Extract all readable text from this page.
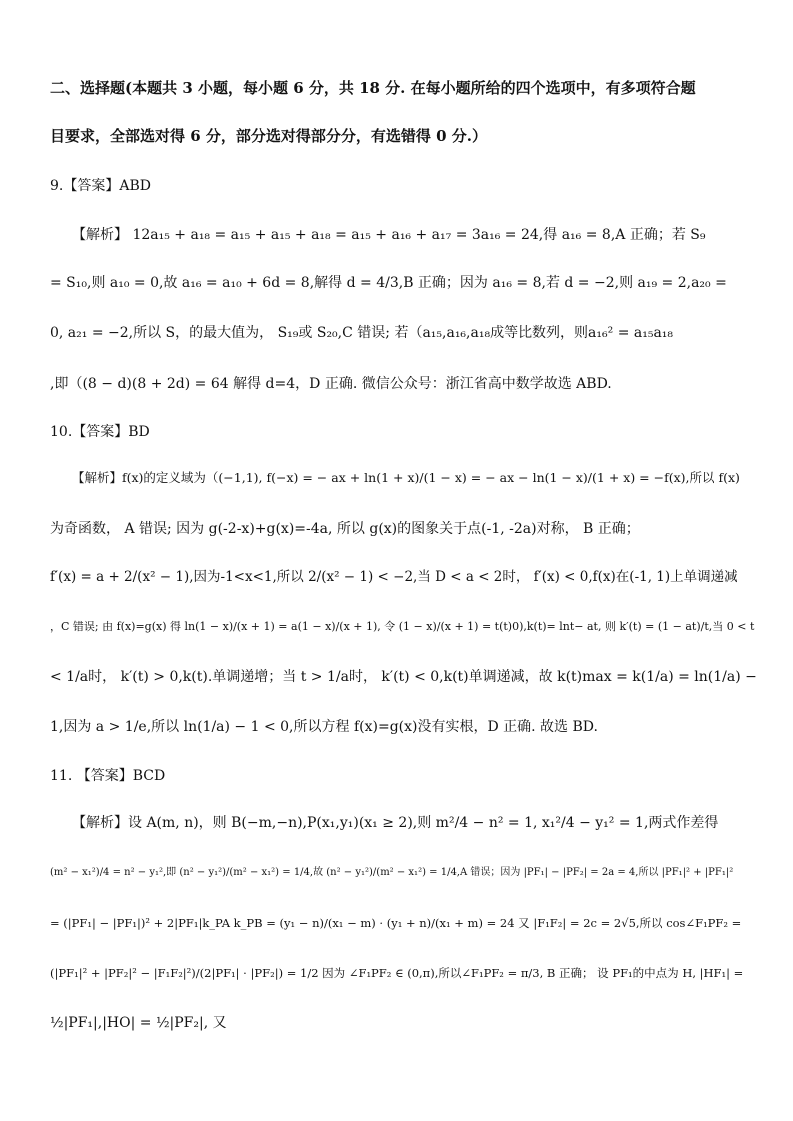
二、选择题(本题共 3 小题，每小题 6 分，共 18 分. 在每小题所给的四个选项中，有多项符合题
目要求，全部选对得 6 分，部分选对得部分分，有选错得 0 分.）
9.【答案】ABD
【解析】 12a₁₅ + a₁₈ = a₁₅ + a₁₅ + a₁₈ = a₁₅ + a₁₆ + a₁₇ = 3a₁₆ = 24,得 a₁₆ = 8,A 正确；若 S₉
= S₁₀,则 a₁₀ = 0,故 a₁₆ = a₁₀ + 6d = 8,解得 d = 4/3,B 正确；因为 a₁₆ = 8,若 d = −2,则 a₁₉ = 2,a₂₀ =
0, a₂₁ = −2,所以 S，的最大值为， S₁₉或 S₂₀,C 错误; 若（a₁₅,a₁₆,a₁₈成等比数列，则a₁₆² = a₁₅a₁₈
,即（(8 − d)(8 + 2d) = 64 解得 d=4，D 正确. 微信公众号：浙江省高中数学故选 ABD.
10.【答案】BD
【解析】f(x)的定义域为（(−1,1), f(−x) = − ax + ln(1 + x)/(1 − x) = − ax − ln(1 − x)/(1 + x) = −f(x),所以 f(x)
为奇函数， A 错误; 因为 g(-2-x)+g(x)=-4a, 所以 g(x)的图象关于点(-1, -2a)对称， B 正确；
f′(x) = a + 2/(x² − 1),因为-1<x<1,所以 2/(x² − 1) < −2,当 D < a < 2时， f′(x) < 0,f(x)在(-1, 1)上单调递减
，C 错误; 由 f(x)=g(x) 得 ln(1 − x)/(x + 1) = a(1 − x)/(x + 1), 令 (1 − x)/(x + 1) = t(t)0),k(t)= lnt− at, 则 k′(t) = (1 − at)/t,当 0 < t
< 1/a时， k′(t) > 0,k(t).单调递增；当 t > 1/a时， k′(t) < 0,k(t)单调递减，故 k(t)max = k(1/a) = ln(1/a) −
1,因为 a > 1/e,所以 ln(1/a) − 1 < 0,所以方程 f(x)=g(x)没有实根，D 正确. 故选 BD.
11. 【答案】BCD
【解析】设 A(m, n)，则 B(−m,−n),P(x₁,y₁)(x₁ ≥ 2),则 m²/4 − n² = 1, x₁²/4 − y₁² = 1,两式作差得
(m² − x₁²)/4 = n² − y₁²,即 (n² − y₁²)/(m² − x₁²) = 1/4,故 (n² − y₁²)/(m² − x₁²) = 1/4,A 错误；因为 |PF₁| − |PF₂| = 2a = 4,所以 |PF₁|² + |PF₁|²
= (|PF₁| − |PF₁|)² + 2|PF₁|k_PA k_PB = (y₁ − n)/(x₁ − m) · (y₁ + n)/(x₁ + m) = 24 又 |F₁F₂| = 2c = 2√5,所以 cos∠F₁PF₂ =
(|PF₁|² + |PF₂|² − |F₁F₂|²)/(2|PF₁| · |PF₂|) = 1/2 因为 ∠F₁PF₂ ∈ (0,π),所以∠F₁PF₂ = π/3, B 正确； 设 PF₁的中点为 H, |HF₁| =
½|PF₁|,|HO| = ½|PF₂|, 又
